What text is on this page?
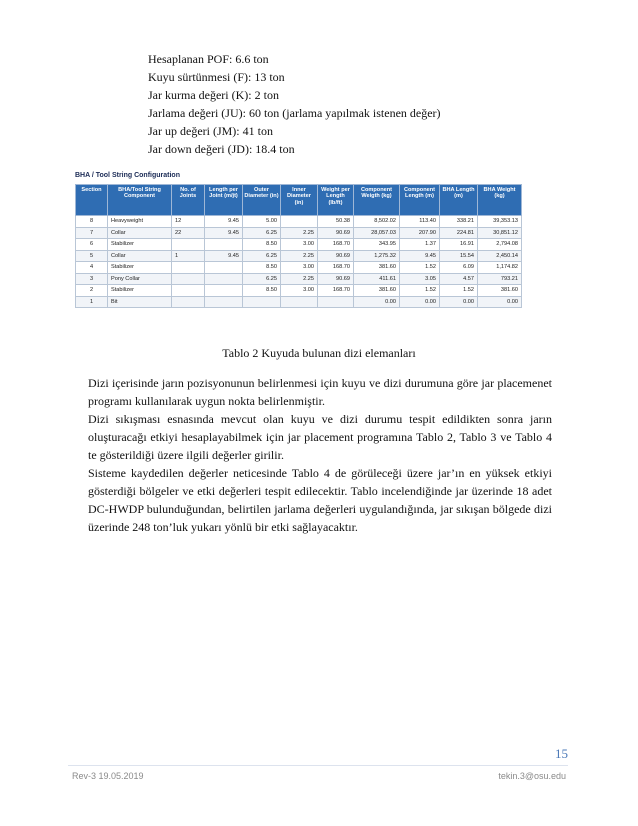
Hesaplanan POF: 6.6 ton
Kuyu sürtünmesi (F): 13 ton
Jar kurma değeri (K): 2 ton
Jarlama değeri (JU): 60 ton (jarlama yapılmak istenen değer)
Jar up değeri (JM): 41 ton
Jar down değeri (JD): 18.4 ton
BHA / Tool String Configuration
Section	BHA/Tool String Component	No. of Joints	Length per Joint (m/jt)	Outer Diameter (in)	Inner Diameter (in)	Weight per Length (lb/ft)	Component Weigth (kg)	Component Length (m)	BHA Length (m)	BHA Weight (kg)
8	Heavyweight	12	9.45	5.00		50.38	8,502.02	113.40	338.21	39,353.13
7	Collar	22	9.45	6.25	2.25	90.69	28,057.03	207.90	224.81	30,851.12
6	Stabilizer			8.50	3.00	168.70	343.95	1.37	16.91	2,794.08
5	Collar	1	9.45	6.25	2.25	90.69	1,275.32	9.45	15.54	2,450.14
4	Stabilizer			8.50	3.00	168.70	381.60	1.52	6.09	1,174.82
3	Pony Collar			6.25	2.25	90.69	411.61	3.05	4.57	793.21
2	Stabilizer			8.50	3.00	168.70	381.60	1.52	1.52	381.60
1	Bit						0.00	0.00	0.00	0.00
Tablo 2 Kuyuda bulunan dizi elemanları

Dizi içerisinde jarın pozisyonunun belirlenmesi için kuyu ve dizi durumuna göre jar placemenet programı kullanılarak uygun nokta belirlenmiştir.

Dizi sıkışması esnasında mevcut olan kuyu ve dizi durumu tespit edildikten sonra jarın oluşturacağı etkiyi hesaplayabilmek için jar placement programına Tablo 2, Tablo 3 ve Tablo 4 te gösterildiği üzere ilgili değerler girilir.

Sisteme kaydedilen değerler neticesinde Tablo 4 de görüleceği üzere jar’ın en yüksek etkiyi gösterdiği bölgeler ve etki değerleri tespit edilecektir. Tablo incelendiğinde jar üzerinde 18 adet DC-HWDP bulunduğundan, belirtilen jarlama değerleri uygulandığında, jar sıkışan bölgede dizi üzerinde 248 ton’luk yukarı yönlü bir etki sağlayacaktır.

15
Rev-3 19.05.2019	tekin.3@osu.edu
